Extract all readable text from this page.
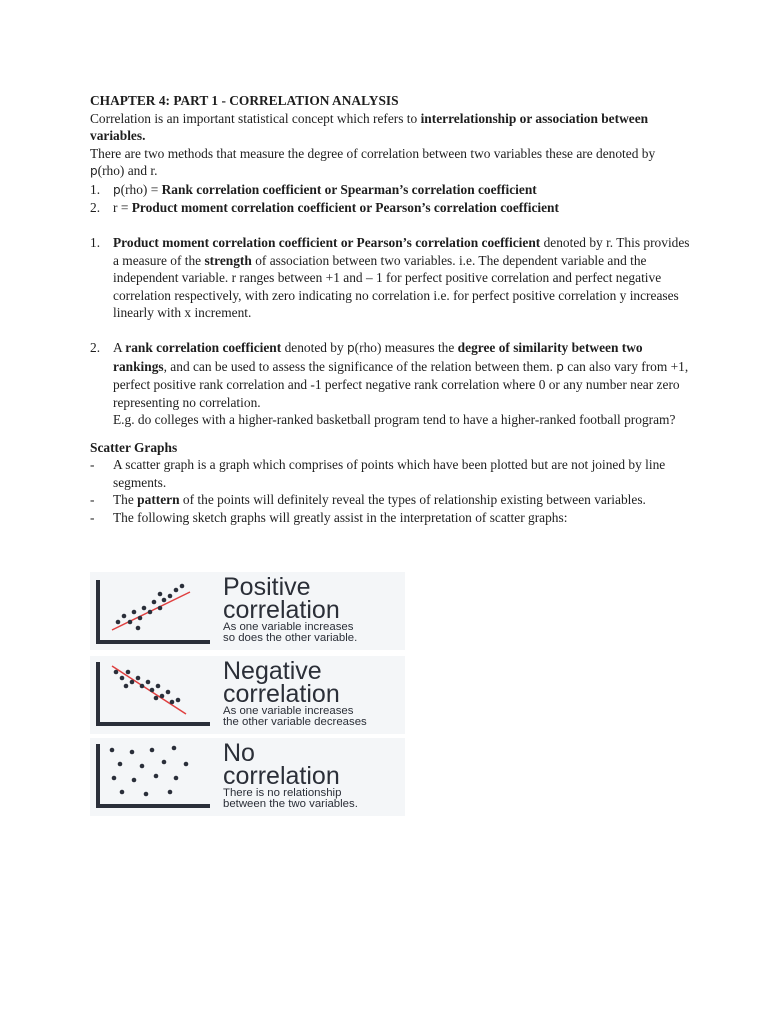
CHAPTER 4: PART 1 - CORRELATION ANALYSIS

Correlation is an important statistical concept which refers to interrelationship or association between variables.

There are two methods that measure the degree of correlation between two variables these are denoted by p(rho) and r.

1. p(rho) = Rank correlation coefficient or Spearman’s correlation coefficient

2. r = Product moment correlation coefficient or Pearson’s correlation coefficient

1. Product moment correlation coefficient or Pearson’s correlation coefficient denoted by r. This provides a measure of the strength of association between two variables. i.e. The dependent variable and the independent variable. r ranges between +1 and – 1 for perfect positive correlation and perfect negative correlation respectively, with zero indicating no correlation i.e. for perfect positive correlation y increases linearly with x increment.

2. A rank correlation coefficient denoted by p(rho) measures the degree of similarity between two rankings, and can be used to assess the significance of the relation between them. p can also vary from +1, perfect positive rank correlation and -1 perfect negative rank correlation where 0 or any number near zero representing no correlation.
E.g. do colleges with a higher-ranked basketball program tend to have a higher-ranked football program?

Scatter Graphs

- A scatter graph is a graph which comprises of points which have been plotted but are not joined by line segments.

- The pattern of the points will definitely reveal the types of relationship existing between variables.

- The following sketch graphs will greatly assist in the interpretation of scatter graphs:

Positive
correlation
As one variable increases
so does the other variable.
Negative
correlation
As one variable increases
the other variable decreases
No
correlation
There is no relationship
between the two variables.
